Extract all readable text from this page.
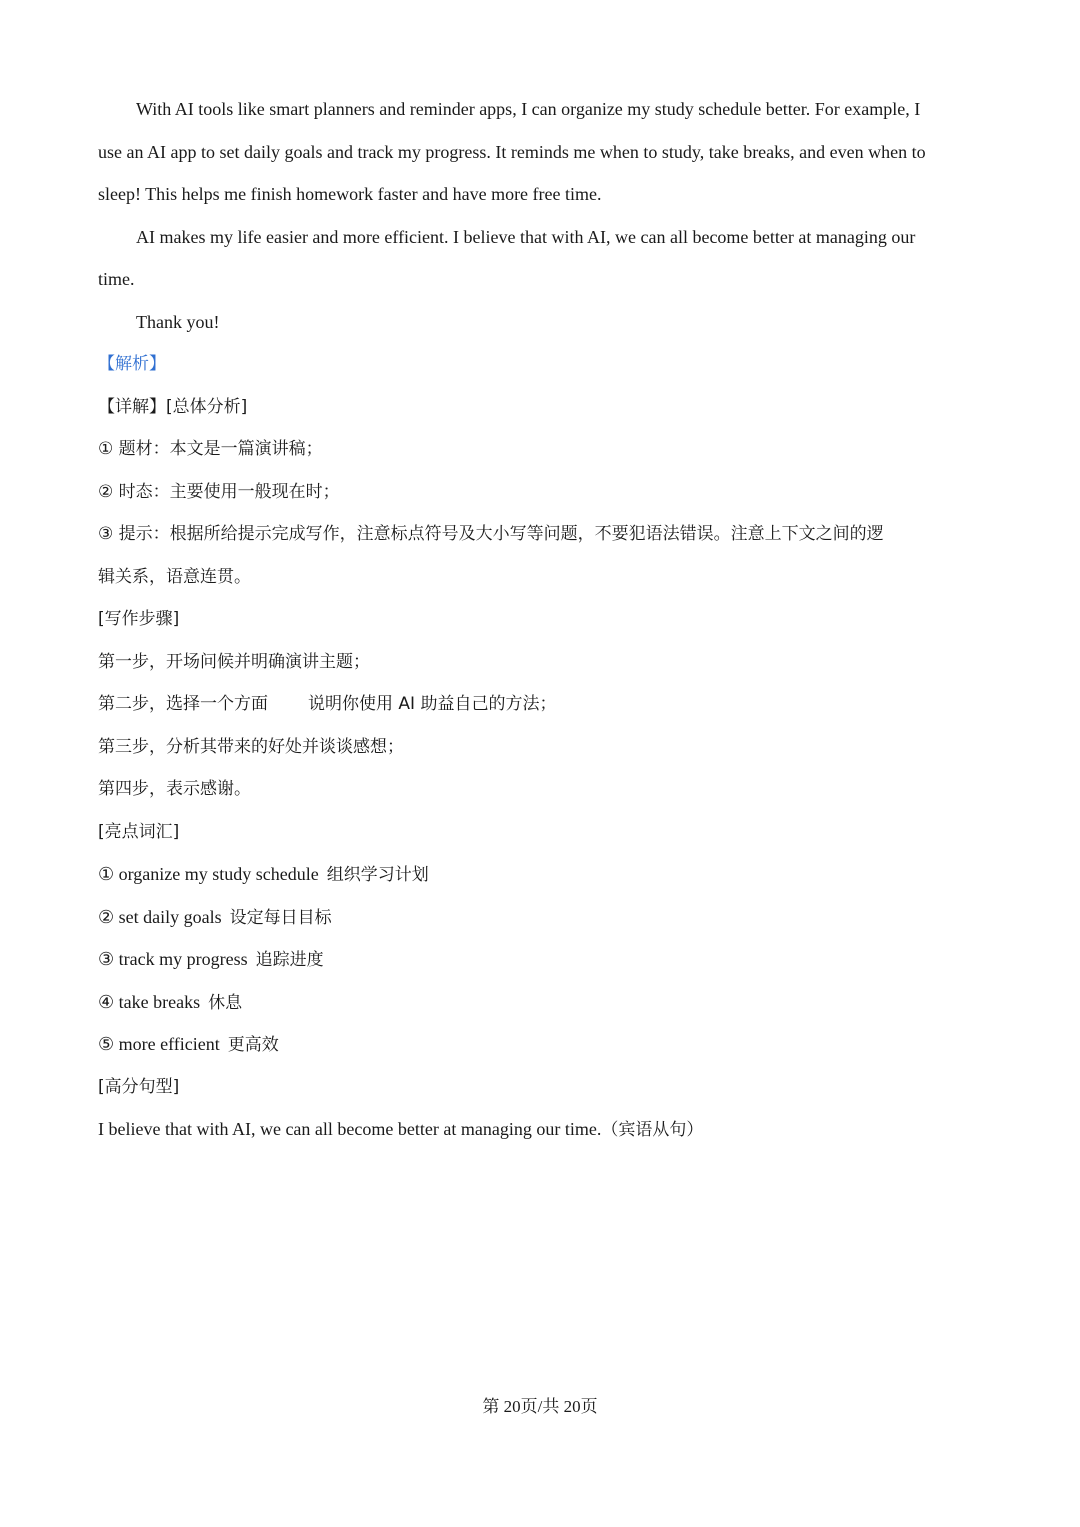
With AI tools like smart planners and reminder apps, I can organize my study schedule better. For example, I
use an AI app to set daily goals and track my progress. It reminds me when to study, take breaks, and even when to
sleep! This helps me finish homework faster and have more free time.
AI makes my life easier and more efficient. I believe that with AI, we can all become better at managing our
time.
Thank you!
【解析】
【详解】[总体分析]
① 题材：本文是一篇演讲稿；
② 时态：主要使用一般现在时；
③ 提示：根据所给提示完成写作，注意标点符号及大小写等问题，不要犯语法错误。注意上下文之间的逻
辑关系，语意连贯。
[写作步骤]
第一步，开场问候并明确演讲主题；
第二步，选择一个方面 说明你使用 AI 助益自己的方法；
第三步，分析其带来的好处并谈谈感想；
第四步，表示感谢。
[亮点词汇]
① organize my study schedule 组织学习计划
② set daily goals 设定每日目标
③ track my progress 追踪进度
④ take breaks 休息
⑤ more efficient 更高效
[高分句型]
I believe that with AI, we can all become better at managing our time.（宾语从句）
第 20页/共 20页
